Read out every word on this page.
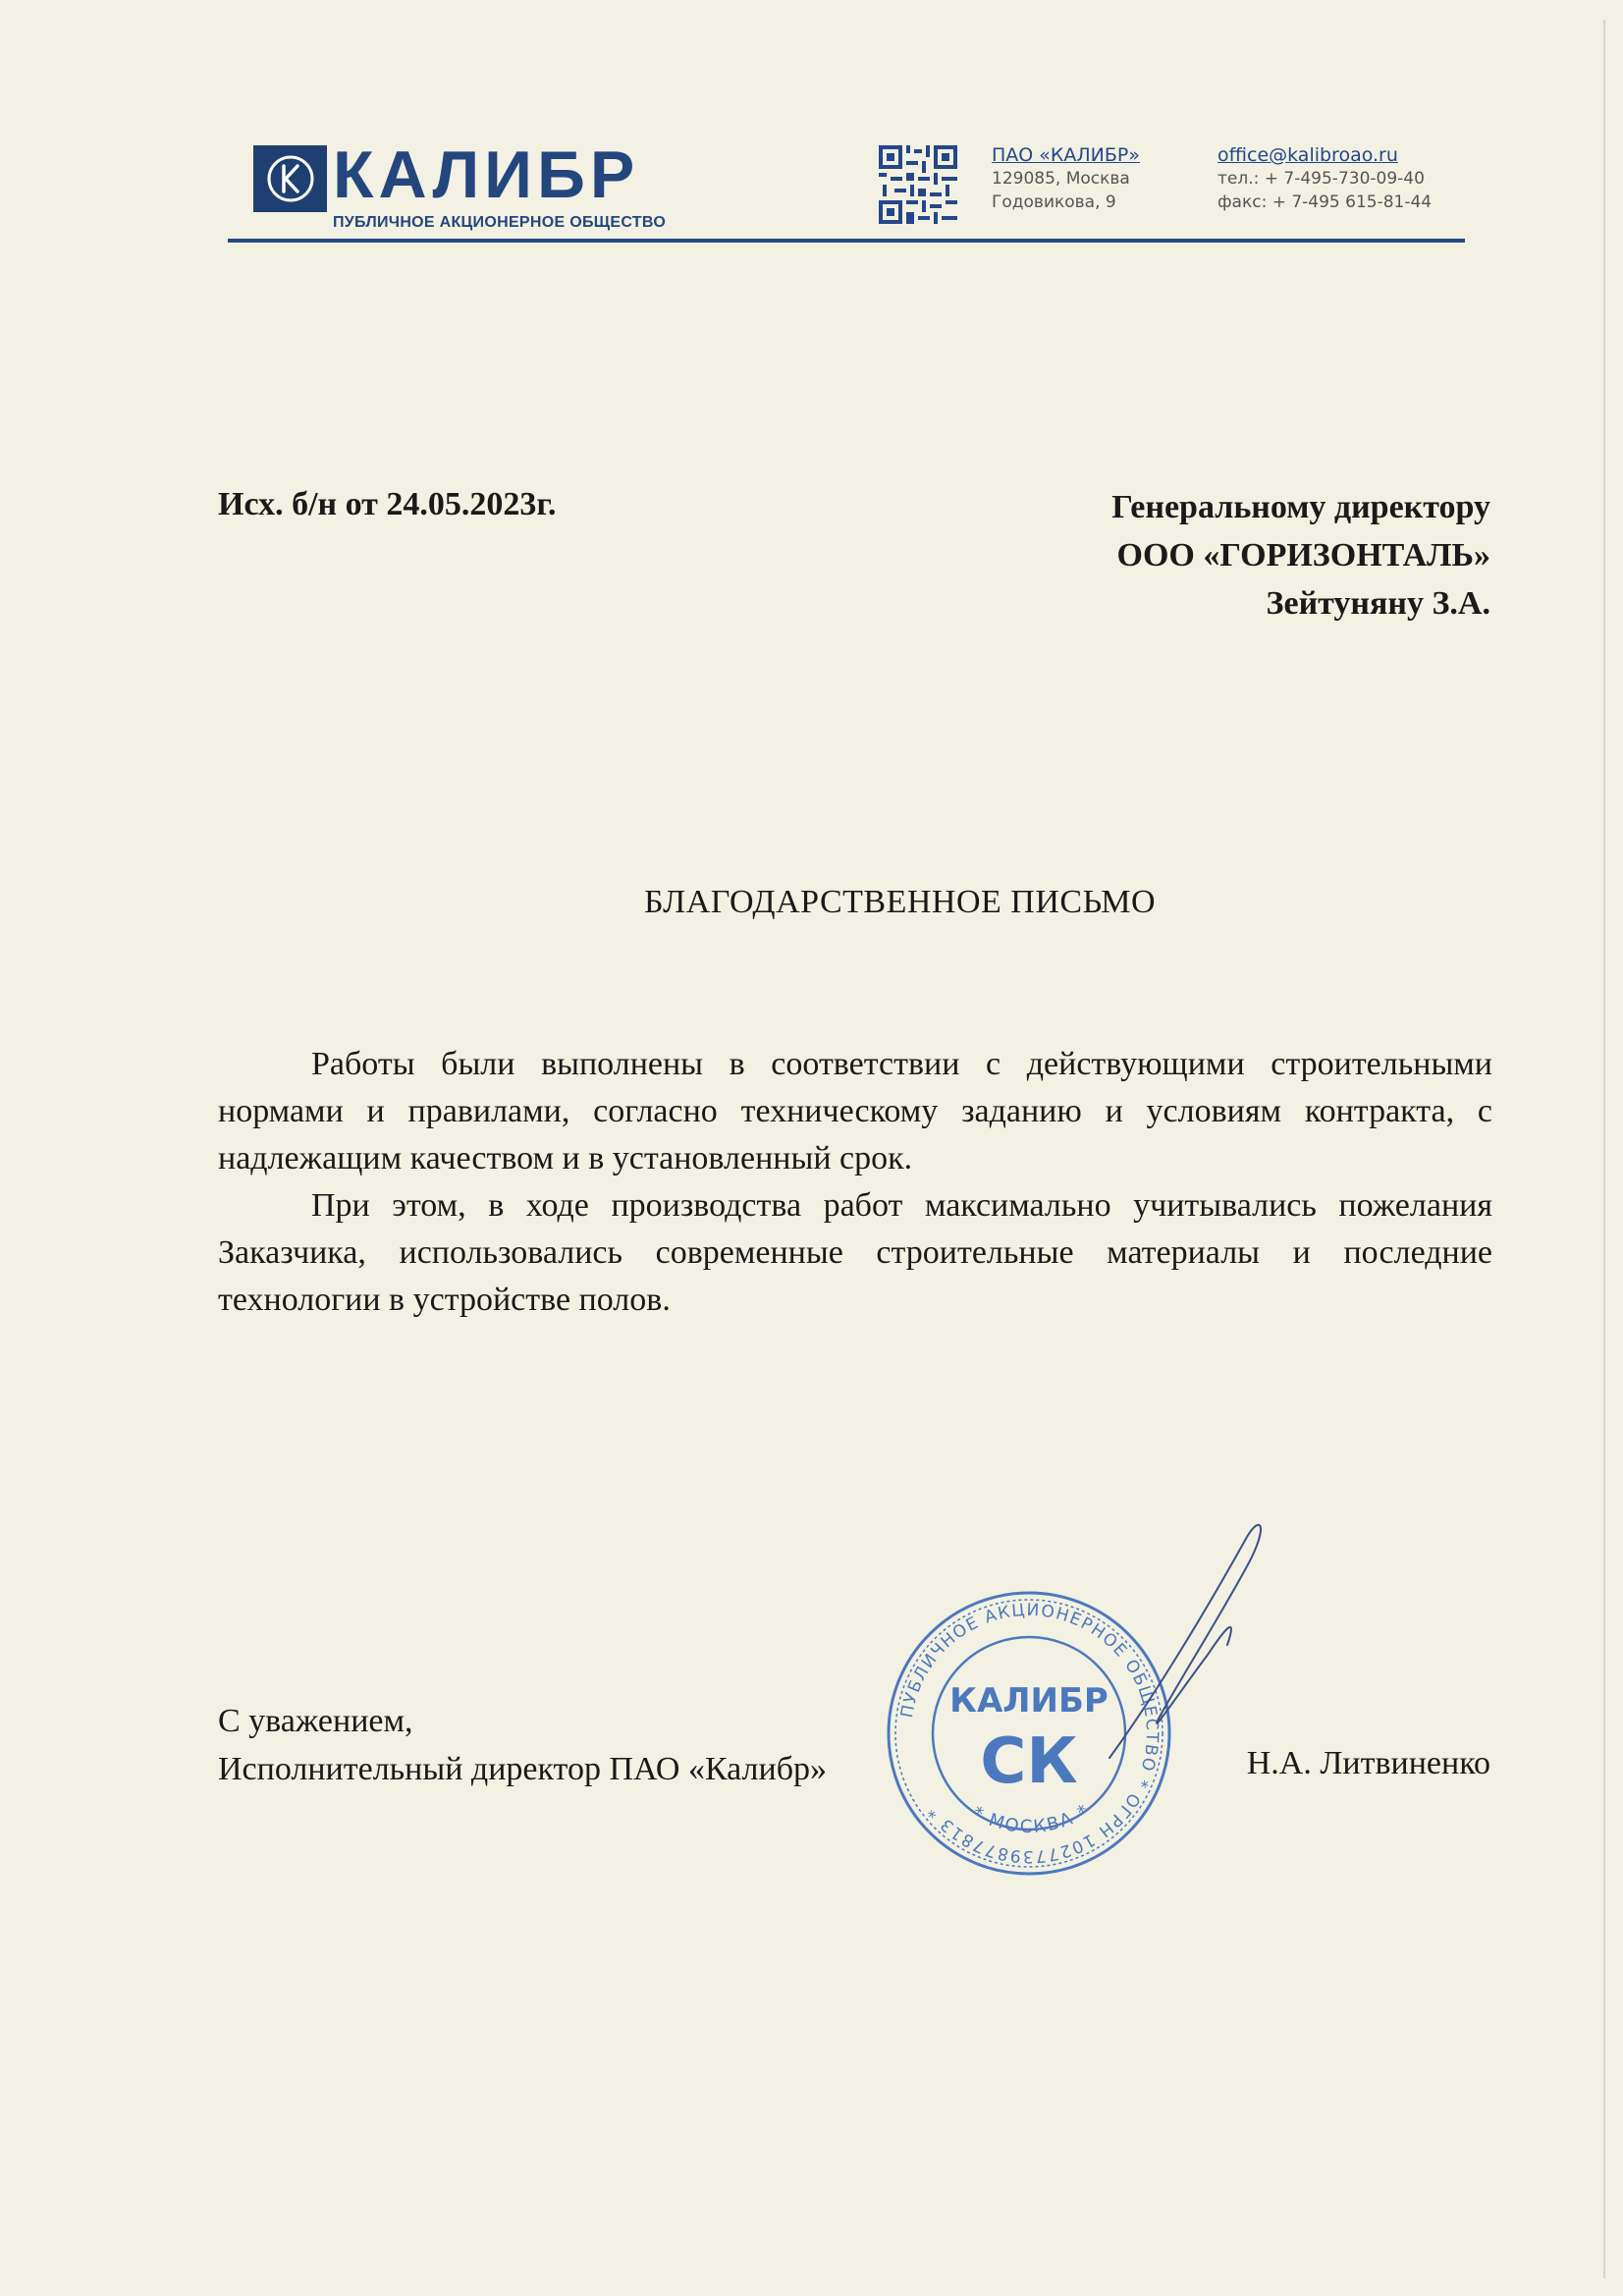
КАЛИБР
ПУБЛИЧНОЕ АКЦИОНЕРНОЕ ОБЩЕСТВО
ПАО «КАЛИБР»
129085, Москва
Годовикова, 9
office@kalibroao.ru
тел.: + 7-495-730-09-40
факс: + 7-495 615-81-44
Исх. б/н от 24.05.2023г.	Генеральному директору
ООО «ГОРИЗОНТАЛЬ»
Зейтуняну З.А.
БЛАГОДАРСТВЕННОЕ ПИСЬМО

Работы были выполнены в соответствии с действующими строительными нормами и правилами, согласно техническому заданию и условиям контракта, с надлежащим качеством и в установленный срок.

При этом, в ходе производства работ максимально учитывались пожелания Заказчика, использовались современные строительные материалы и последние технологии в устройстве полов.

С уважением,
Исполнительный директор ПАО «Калибр»	Н.А. Литвиненко
ПУБЛИЧНОЕ АКЦИОНЕРНОЕ ОБЩЕСТВО * ОГРН 1027739877813 *	* МОСКВА *
КАЛИБР
СК
